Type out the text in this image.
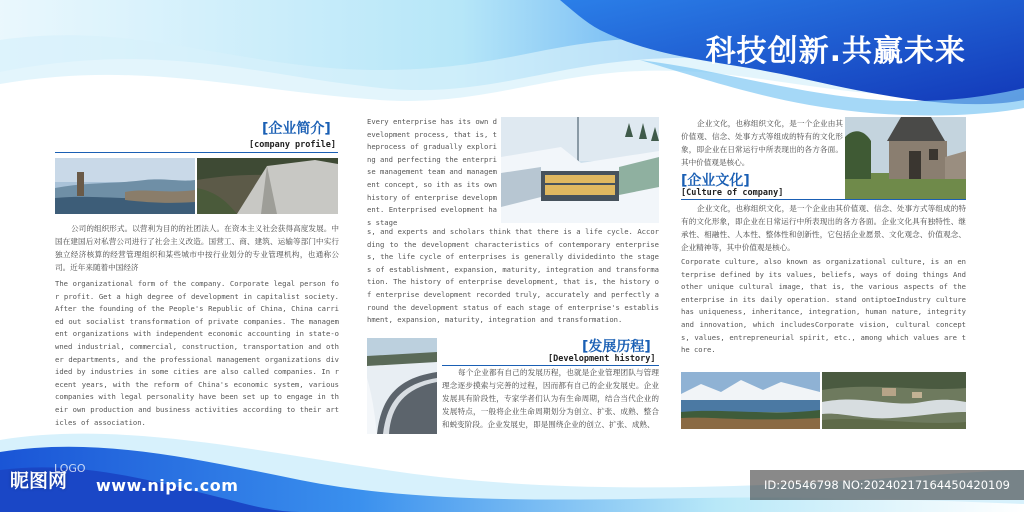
科技创新.共赢未来
[企业简介]
[company profile]
公司的组织形式。以营利为目的的社团法人。在资本主义社会获得高度发展。中国在建国后对私营公司进行了社会主义改造。国营工、商、建筑、运输等部门中实行独立经济核算的经营管理组织和某些城市中按行业划分的专业管理机构，也通称公司。近年来随着中国经济
The organizational form of the company. Corporate legal person for profit. Get a high degree of development in capitalist society. After the founding of the People's Republic of China, China carried out socialist transformation of private companies. The management organizations with independent economic accounting in state-owned industrial, commercial, construction, transportation and other departments, and the professional management organizations divided by industries in some cities are also called companies. In recent years, with the reform of China's economic system, various companies with legal personality have been set up to engage in their own production and business activities according to their articles of association.
Every enterprise has its own development process, that is, theprocess of gradually exploring and perfecting the enterprise management team and management concept, so ith as its own history of enterprise development. Enterprised evelopment has stage
s, and experts and scholars think that there is a life cycle. According to the development characteristics of contemporary enterprises, the life cycle of enterprises is generally dividedinto the stages of establishment, expansion, maturity, integration and transformation. The history of enterprise development, that is, the history of enterprise development recorded truly, accurately and perfectly around the development status of each stage of enterprise's establishment, expansion, maturity, integration and transformation.
[发展历程]
[Development history]
每个企业都有自己的发展历程，也就是企业管理团队与管理理念逐步摸索与完善的过程，因而都有自己的企业发展史。企业发展具有阶段性，专家学者们认为有生命周期，结合当代企业的发展特点，一般将企业生命周期划分为创立、扩张、成熟、整合和蜕变阶段。企业发展史，即是围绕企业的创立、扩张、成熟、
企业文化，也称组织文化，是一个企业由其价值观、信念、处事方式等组成的特有的文化形象，即企业在日常运行中所表现出的各方各面。其中价值观是核心。
[企业文化]
[Culture of company]
企业文化，也称组织文化，是一个企业由其价值观、信念、处事方式等组成的特有的文化形象，即企业在日常运行中所表现出的各方各面。企业文化具有独特性、继承性、相融性、人本性、整体性和创新性，它包括企业愿景、文化观念、价值观念、企业精神等，其中价值观是核心。
Corporate culture, also known as organizational culture, is an enterprise defined by its values, beliefs, ways of doing things And other unique cultural image, that is, the various aspects of the enterprise in its daily operation. stand ontiptoeIndustry culture has uniqueness, inheritance, integration, human nature, integrity and innovation, which includesCorporate vision, cultural concepts, values, entrepreneurial spirit, etc., among which values are the core.
LOGO
昵图网 www.nipic.com	ID:20546798 NO:20240217164450420109
